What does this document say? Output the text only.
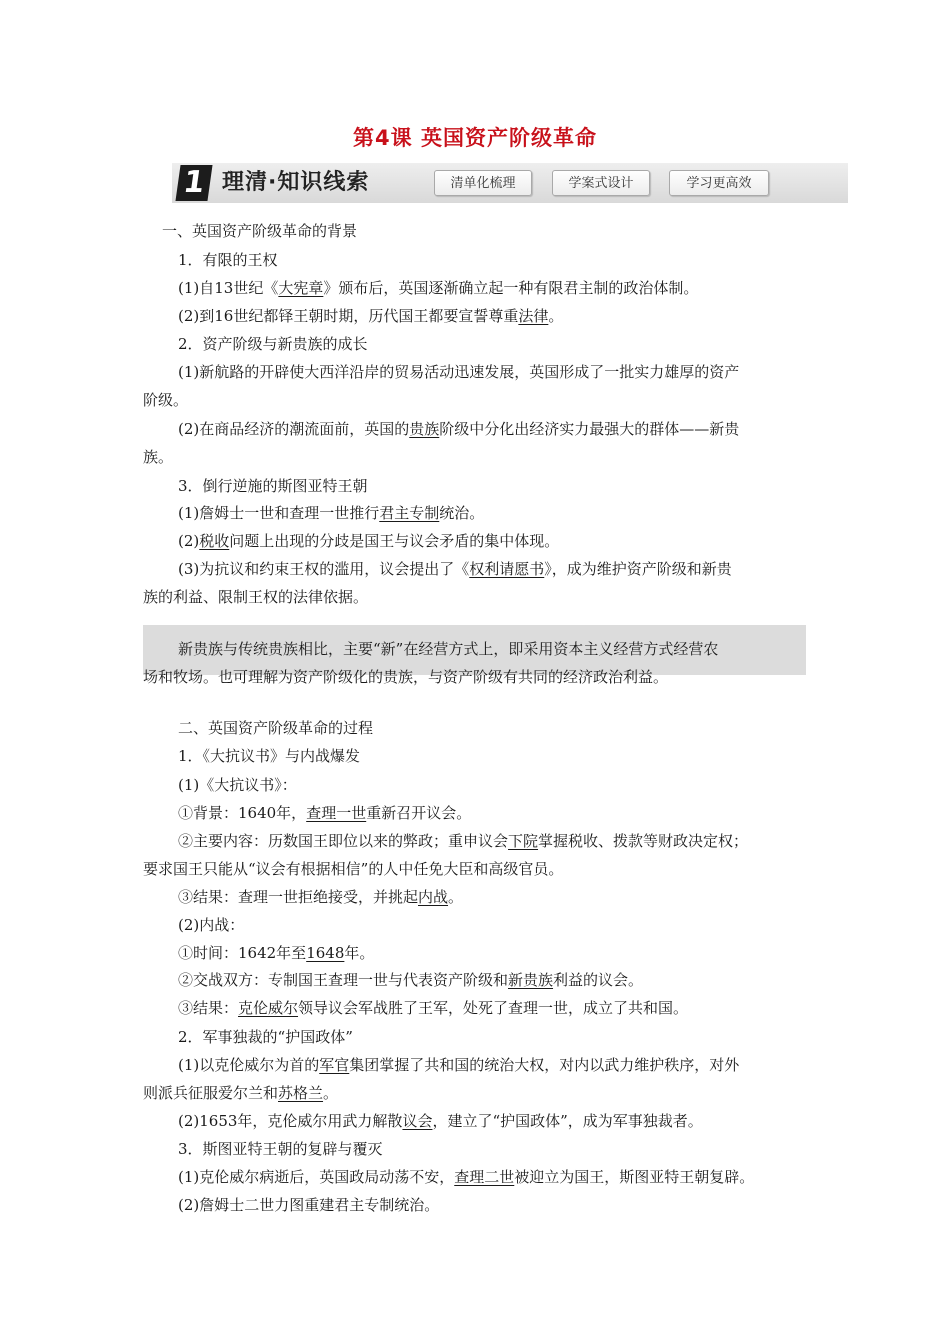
第4课 英国资产阶级革命
1 理清·知识线索	清单化梳理	学案式设计	学习更高效
一、英国资产阶级革命的背景
1．有限的王权
(1)自13世纪《大宪章》颁布后，英国逐渐确立起一种有限君主制的政治体制。
(2)到16世纪都铎王朝时期，历代国王都要宣誓尊重法律。
2．资产阶级与新贵族的成长
(1)新航路的开辟使大西洋沿岸的贸易活动迅速发展，英国形成了一批实力雄厚的资产
阶级。
(2)在商品经济的潮流面前，英国的贵族阶级中分化出经济实力最强大的群体——新贵
族。
3．倒行逆施的斯图亚特王朝
(1)詹姆士一世和查理一世推行君主专制统治。
(2)税收问题上出现的分歧是国王与议会矛盾的集中体现。
(3)为抗议和约束王权的滥用，议会提出了《权利请愿书》，成为维护资产阶级和新贵
族的利益、限制王权的法律依据。
新贵族与传统贵族相比，主要“新”在经营方式上，即采用资本主义经营方式经营农
场和牧场。也可理解为资产阶级化的贵族，与资产阶级有共同的经济政治利益。
二、英国资产阶级革命的过程
1．《大抗议书》与内战爆发
(1)《大抗议书》：
①背景：1640年，查理一世重新召开议会。
②主要内容：历数国王即位以来的弊政；重申议会下院掌握税收、拨款等财政决定权；
要求国王只能从“议会有根据相信”的人中任免大臣和高级官员。
③结果：查理一世拒绝接受，并挑起内战。
(2)内战：
①时间：1642年至1648年。
②交战双方：专制国王查理一世与代表资产阶级和新贵族利益的议会。
③结果：克伦威尔领导议会军战胜了王军，处死了查理一世，成立了共和国。
2．军事独裁的“护国政体”
(1)以克伦威尔为首的军官集团掌握了共和国的统治大权，对内以武力维护秩序，对外
则派兵征服爱尔兰和苏格兰。
(2)1653年，克伦威尔用武力解散议会，建立了“护国政体”，成为军事独裁者。
3．斯图亚特王朝的复辟与覆灭
(1)克伦威尔病逝后，英国政局动荡不安，查理二世被迎立为国王，斯图亚特王朝复辟。
(2)詹姆士二世力图重建君主专制统治。
